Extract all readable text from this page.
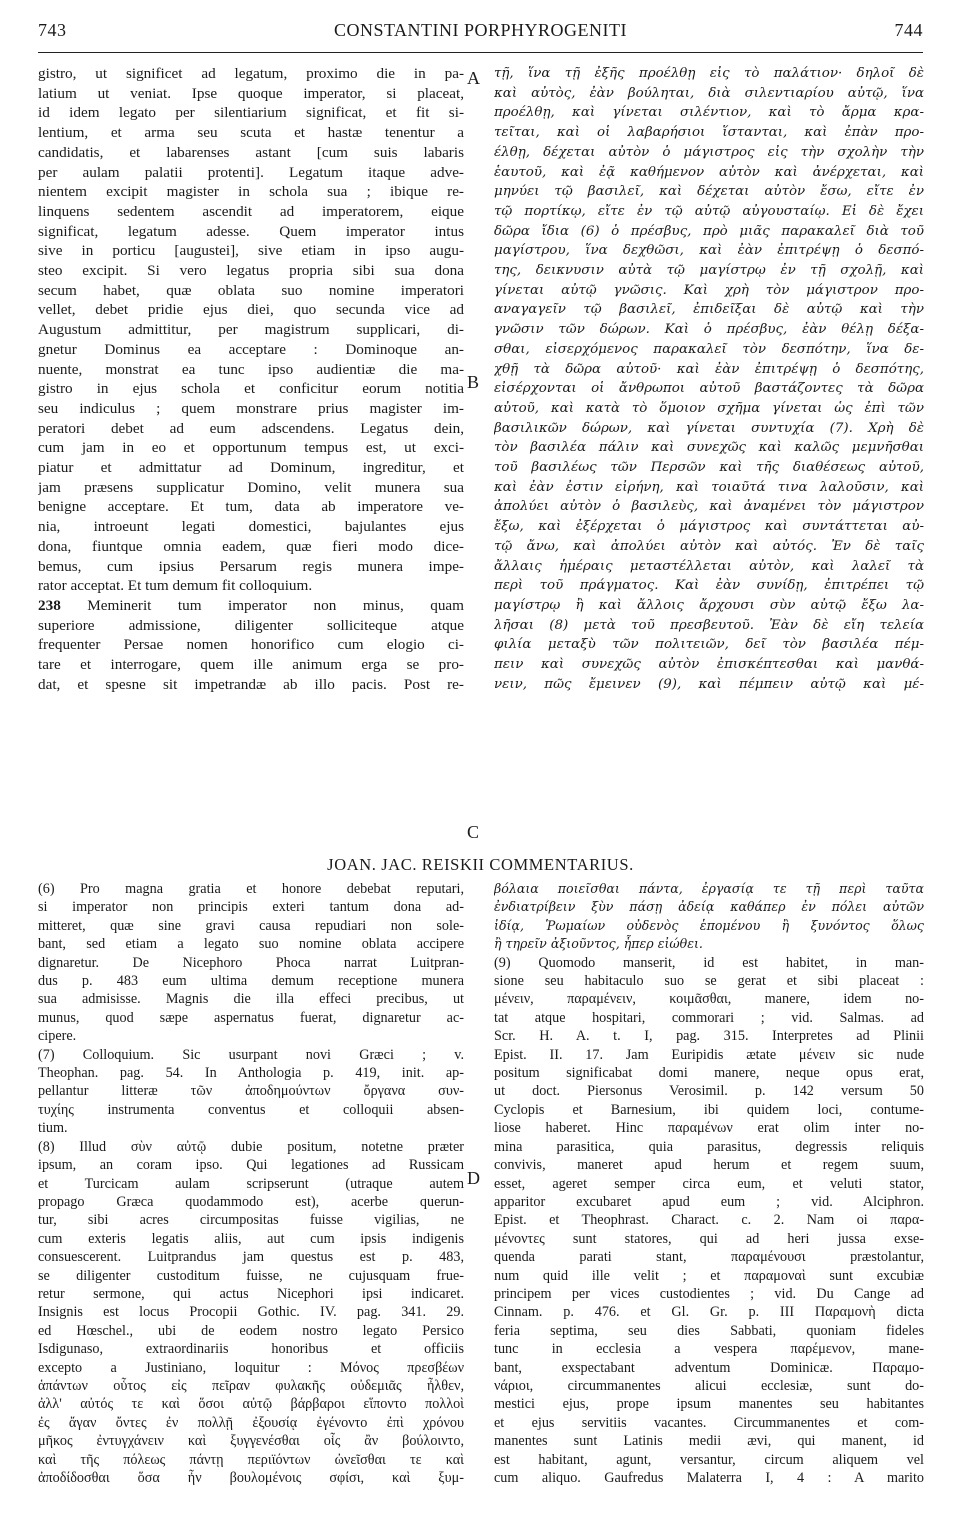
743	CONSTANTINI PORPHYROGENITI	744
gistro, ut significet ad legatum, proximo die in pa-
latium ut veniat. Ipse quoque imperator, si placeat,
id idem legato per silentiarium significat, et fit si-
lentium, et arma seu scuta et hastæ tenentur a
candidatis, et labarenses astant [cum suis labaris
per aulam palatii protenti]. Legatum itaque adve-
nientem excipit magister in schola sua ; ibique re-
linquens sedentem ascendit ad imperatorem, eique
significat, legatum adesse. Quem imperator intus
sive in porticu [augustei], sive etiam in ipso augu-
steo excipit. Si vero legatus propria sibi sua dona
secum habet, quæ oblata suo nomine imperatori
vellet, debet pridie ejus diei, quo secunda vice ad
Augustum admittitur, per magistrum supplicari, di-
gnetur Dominus ea acceptare : Dominoque an-
nuente, monstrat ea tunc ipso audientiæ die ma-
gistro in ejus schola et conficitur eorum notitia
seu indiculus ; quem monstrare prius magister im-
peratori debet ad eum adscendens. Legatus dein,
cum jam in eo et opportunum tempus est, ut exci-
piatur et admittatur ad Dominum, ingreditur, et
jam præsens supplicatur Domino, velit munera sua
benigne acceptare. Et tum, data ab imperatore ve-
nia, introeunt legati domestici, bajulantes ejus
dona, fiuntque omnia eadem, quæ fieri modo dice-
bemus, cum ipsius Persarum regis munera impe-
rator acceptat. Et tum demum fit colloquium.

238 Meminerit tum imperator non minus, quam
superiore admissione, diligenter solliciteque atque
frequenter Persae nomen honorifico cum elogio ci-
tare et interrogare, quem ille animum erga se pro-
dat, et spesne sit impetrandæ ab illo pacis. Post re-

τῇ, ἵνα τῇ ἐξῆς προέλθῃ εἰς τὸ παλάτιον· δηλοῖ δὲ
καὶ αὐτὸς, ἐὰν βούληται, διὰ σιλεντιαρίου αὐτῷ, ἵνα
προέλθῃ, καὶ γίνεται σιλέντιον, καὶ τὸ ἄρμα κρα-
τεῖται, καὶ οἱ λαβαρήσιοι ἵστανται, καὶ ἐπὰν προ-
έλθῃ, δέχεται αὐτὸν ὁ μάγιστρος εἰς τὴν σχολὴν τὴν
ἑαυτοῦ, καὶ ἐᾷ καθήμενον αὐτὸν καὶ ἀνέρχεται, καὶ
μηνύει τῷ βασιλεῖ, καὶ δέχεται αὐτὸν ἔσω, εἴτε ἐν
τῷ πορτίκῳ, εἴτε ἐν τῷ αὐτῷ αὐγουσταίῳ. Εἰ δὲ ἔχει
δῶρα ἴδια (6) ὁ πρέσβυς, πρὸ μιᾶς παρακαλεῖ διὰ τοῦ
μαγίστρου, ἵνα δεχθῶσι, καὶ ἐὰν ἐπιτρέψῃ ὁ δεσπό-
της, δεικνυσιν αὐτὰ τῷ μαγίστρῳ ἐν τῇ σχολῇ, καὶ
γίνεται αὐτῷ γνῶσις. Καὶ χρὴ τὸν μάγιστρον προ-
αναγαγεῖν τῷ βασιλεῖ, ἐπιδεῖξαι δὲ αὐτῷ καὶ τὴν
γνῶσιν τῶν δώρων. Καὶ ὁ πρέσβυς, ἐὰν θέλῃ δέξα-
σθαι, εἰσερχόμενος παρακαλεῖ τὸν δεσπότην, ἵνα δε-
χθῇ τὰ δῶρα αὐτοῦ· καὶ ἐὰν ἐπιτρέψῃ ὁ δεσπότης,
εἰσέρχονται οἱ ἄνθρωποι αὐτοῦ βαστάζοντες τὰ δῶρα
αὐτοῦ, καὶ κατὰ τὸ ὅμοιον σχῆμα γίνεται ὡς ἐπὶ τῶν
βασιλικῶν δώρων, καὶ γίνεται συντυχία (7). Χρὴ δὲ
τὸν βασιλέα πάλιν καὶ συνεχῶς καὶ καλῶς μεμνῆσθαι
τοῦ βασιλέως τῶν Περσῶν καὶ τῆς διαθέσεως αὐτοῦ,
καὶ ἐὰν ἐστιν εἰρήνη, καὶ τοιαῦτά τινα λαλοῦσιν, καὶ
ἀπολύει αὐτὸν ὁ βασιλεὺς, καὶ ἀναμένει τὸν μάγιστρον
ἔξω, καὶ ἐξέρχεται ὁ μάγιστρος καὶ συντάττεται αὐ-
τῷ ἄνω, καὶ ἀπολύει αὐτὸν καὶ αὐτός. Ἐν δὲ ταῖς
ἄλλαις ἡμέραις μεταστέλλεται αὐτὸν, καὶ λαλεῖ τὰ
περὶ τοῦ πράγματος. Καὶ ἐὰν συνίδῃ, ἐπιτρέπει τῷ
μαγίστρῳ ἢ καὶ ἄλλοις ἄρχουσι σὺν αὐτῷ ἔξω λα-
λῆσαι (8) μετὰ τοῦ πρεσβευτοῦ. Ἐὰν δὲ εἴη τελεία
φιλία μεταξὺ τῶν πολιτειῶν, δεῖ τὸν βασιλέα πέμ-
πειν καὶ συνεχῶς αὐτὸν ἐπισκέπτεσθαι καὶ μανθά-
νειν, πῶς ἔμεινεν (9), καὶ πέμπειν αὐτῷ καὶ μέ-
A
B
C
D
JOAN. JAC. REISKII COMMENTARIUS.
(6) Pro magna gratia et honore debebat reputari,
si imperator non principis exteri tantum dona ad-
mitteret, quæ sine gravi causa repudiari non sole-
bant, sed etiam a legato suo nomine oblata accipere
dignaretur. De Nicephoro Phoca narrat Luitpran-
dus p. 483 eum ultima demum receptione munera
sua admisisse. Magnis die illa effeci precibus, ut
munus, quod sæpe aspernatus fuerat, dignaretur ac-
cipere.
(7) Colloquium. Sic usurpant novi Græci ; v.
Theophan. pag. 54. In Anthologia p. 419, init. ap-
pellantur litteræ τῶν ἀποδημούντων ὄργανα συν-
τυχίης instrumenta conventus et colloquii absen-
tium.
(8) Illud σὺν αὐτῷ dubie positum, notetne præter
ipsum, an coram ipso. Qui legationes ad Russicam
et Turcicam aulam scripserunt (utraque autem
propago Græca quodammodo est), acerbe querun-
tur, sibi acres circumpositas fuisse vigilias, ne
cum exteris legatis aliis, aut cum ipsis indigenis
consuescerent. Luitprandus jam questus est p. 483,
se diligenter custoditum fuisse, ne cujusquam frue-
retur sermone, qui actus Nicephori ipsi indicaret.
Insignis est locus Procopii Gothic. IV. pag. 341. 29.
ed Hœschel., ubi de eodem nostro legato Persico
Isdigunaso, extraordinariis honoribus et officiis
excepto a Justiniano, loquitur : Μόνος πρεσβέων
ἁπάντων οὗτος εἰς πεῖραν φυλακῆς οὐδεμιᾶς ἦλθεν,
ἀλλ' αὐτός τε καὶ ὅσοι αὐτῷ βάρβαροι εἵποντο πολλοὶ
ἐς ἄγαν ὄντες ἐν πολλῇ ἐξουσίᾳ ἐγένοντο ἐπὶ χρόνου
μῆκος ἐντυγχάνειν καὶ ξυγγενέσθαι οἷς ἂν βούλοιντο,
καὶ τῆς πόλεως πάντῃ περιϊόντων ὠνεῖσθαι τε καὶ
ἀποδίδοσθαι ὅσα ἦν βουλομένοις σφίσι, καὶ ξυμ-
βόλαια ποιεῖσθαι πάντα, ἐργασίᾳ τε τῇ περὶ ταῦτα
ἐνδιατρίβειν ξὺν πάσῃ ἀδείᾳ καθάπερ ἐν πόλει αὐτῶν
ἰδίᾳ, Ῥωμαίων οὐδενὸς ἑπομένου ἢ ξυνόντος ὅλως
ἢ τηρεῖν ἀξιοῦντος, ἧπερ εἰώθει.
(9) Quomodo manserit, id est habitet, in man-
sione seu habitaculo suo se gerat et sibi placeat :
μένειν, παραμένειν, κοιμᾶσθαι, manere, idem no-
tat atque hospitari, commorari ; vid. Salmas. ad
Scr. H. A. t. I, pag. 315. Interpretes ad Plinii
Epist. II. 17. Jam Euripidis ætate μένειν sic nude
positum significabat domi manere, neque opus erat,
ut doct. Piersonus Verosimil. p. 142 versum 50
Cyclopis et Barnesium, ibi quidem loci, contume-
liose haberet. Hinc παραμένων erat olim inter no-
mina parasitica, quia parasitus, degressis reliquis
convivis, maneret apud herum et regem suum,
esset, ageret semper circa eum, et veluti stator,
apparitor excubaret apud eum ; vid. Alciphron.
Epist. et Theophrast. Charact. c. 2. Nam oi παρα-
μένοντες sunt statores, qui ad heri jussa exse-
quenda parati stant, παραμένουσι præstolantur,
num quid ille velit ; et παραμοναὶ sunt excubiæ
principem per vices custodientes ; vid. Du Cange ad
Cinnam. p. 476. et Gl. Gr. p. III Παραμονὴ dicta
feria septima, seu dies Sabbati, quoniam fideles
tunc in ecclesia a vespera παρέμενον, mane-
bant, exspectabant adventum Dominicæ. Παραμο-
νάριοι, circummanentes alicui ecclesiæ, sunt do-
mestici ejus, prope ipsum manentes seu habitantes
et ejus servitiis vacantes. Circummanentes et com-
manentes sunt Latinis medii ævi, qui manent, id
est habitant, agunt, versantur, circum aliquem vel
cum aliquo. Gaufredus Malaterra I, 4 : A marito
